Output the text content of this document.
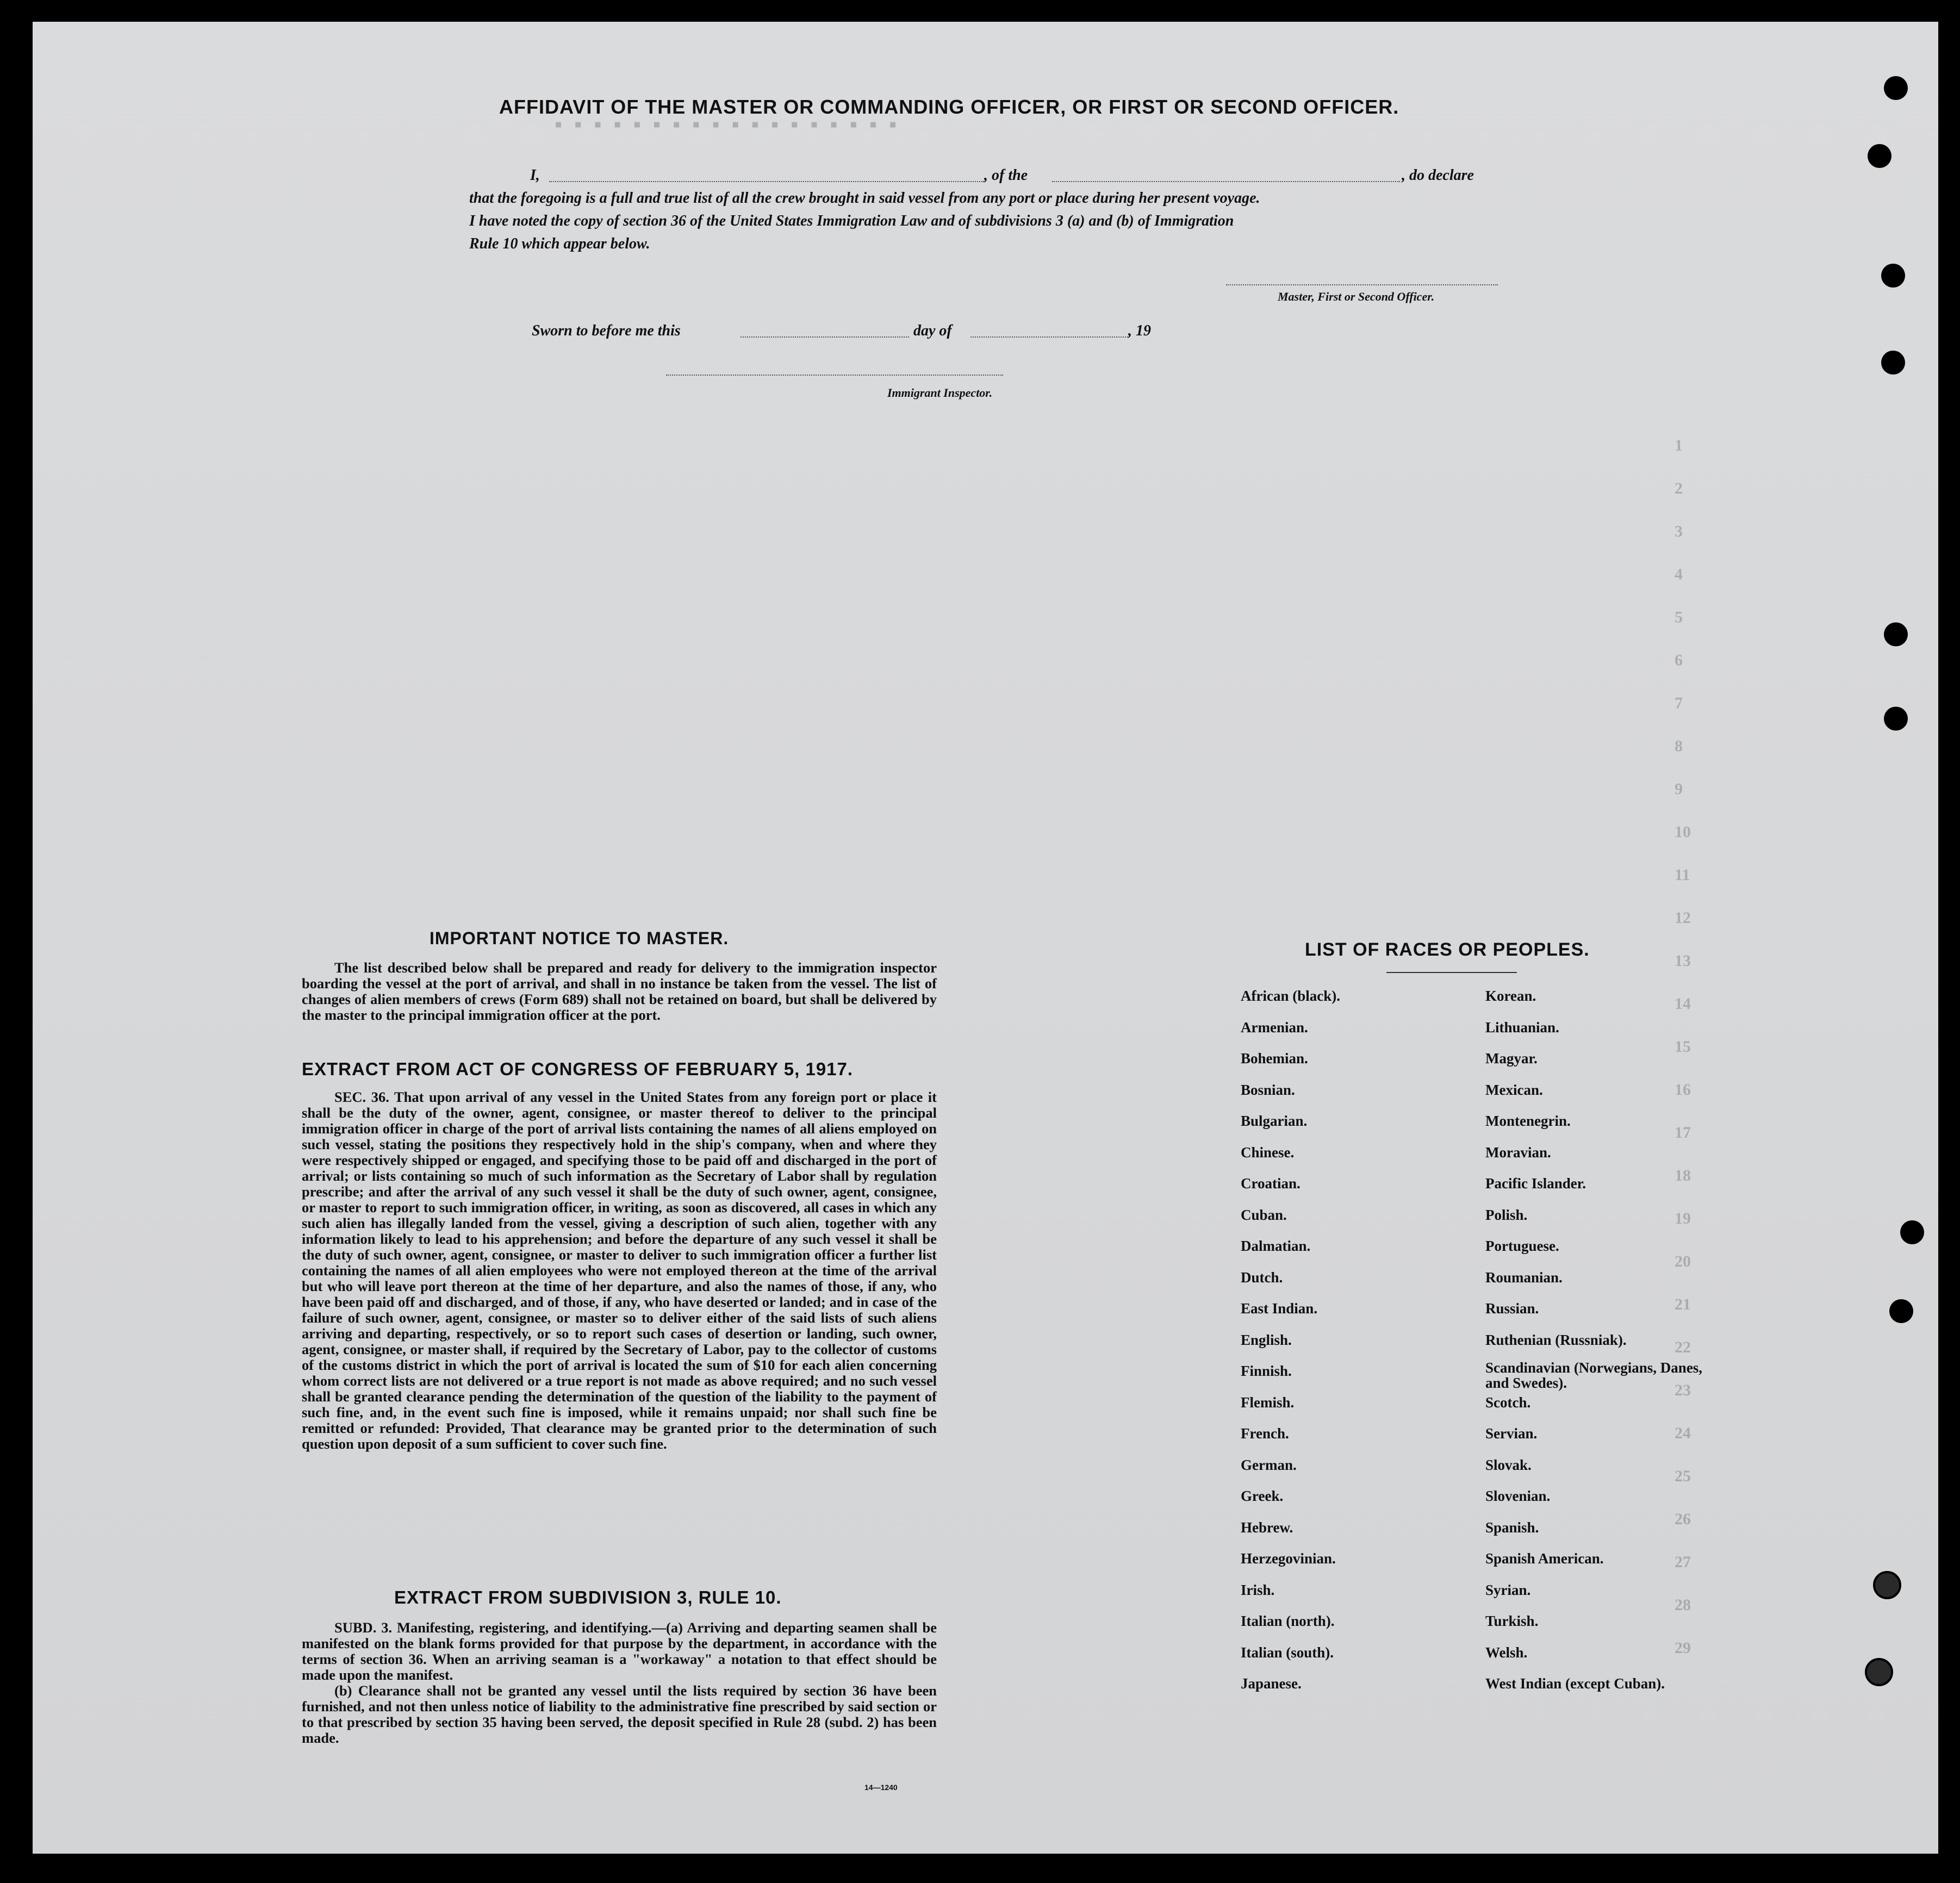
▪ ▪ ▪ ▪ ▪ ▪ ▪ ▪ ▪ ▪ ▪ ▪ ▪ ▪ ▪ ▪ ▪ ▪
1
2
3
4
5
6
7
8
9
10
11
12
13
14
15
16
17
18
19
20
21
22
23
24
25
26
27
28
29
AFFIDAVIT OF THE MASTER OR COMMANDING OFFICER, OR FIRST OR SECOND OFFICER.
I,	, of the	, do declare
that the foregoing is a full and true list of all the crew brought in said vessel from any port or place during her present voyage.
I have noted the copy of section 36 of the United States Immigration Law and of subdivisions 3 (a) and (b) of Immigration
Rule 10 which appear below.
Master, First or Second Officer.
Sworn to before me this	day of	, 19
Immigrant Inspector.
IMPORTANT NOTICE TO MASTER.

The list described below shall be prepared and ready for delivery to the immigration inspector boarding the vessel at the port of arrival, and shall in no instance be taken from the vessel. The list of changes of alien members of crews (Form 689) shall not be retained on board, but shall be delivered by the master to the principal immigration officer at the port.

EXTRACT FROM ACT OF CONGRESS OF FEBRUARY 5, 1917.

SEC. 36. That upon arrival of any vessel in the United States from any foreign port or place it shall be the duty of the owner, agent, consignee, or master thereof to deliver to the principal immigration officer in charge of the port of arrival lists containing the names of all aliens employed on such vessel, stating the positions they respectively hold in the ship's company, when and where they were respectively shipped or engaged, and specifying those to be paid off and discharged in the port of arrival; or lists containing so much of such information as the Secretary of Labor shall by regulation prescribe; and after the arrival of any such vessel it shall be the duty of such owner, agent, consignee, or master to report to such immigration officer, in writing, as soon as discovered, all cases in which any such alien has illegally landed from the vessel, giving a description of such alien, together with any information likely to lead to his apprehension; and before the departure of any such vessel it shall be the duty of such owner, agent, consignee, or master to deliver to such immigration officer a further list containing the names of all alien employees who were not employed thereon at the time of the arrival but who will leave port thereon at the time of her departure, and also the names of those, if any, who have been paid off and discharged, and of those, if any, who have deserted or landed; and in case of the failure of such owner, agent, consignee, or master so to deliver either of the said lists of such aliens arriving and departing, respectively, or so to report such cases of desertion or landing, such owner, agent, consignee, or master shall, if required by the Secretary of Labor, pay to the collector of customs of the customs district in which the port of arrival is located the sum of $10 for each alien concerning whom correct lists are not delivered or a true report is not made as above required; and no such vessel shall be granted clearance pending the determination of the question of the liability to the payment of such fine, and, in the event such fine is imposed, while it remains unpaid; nor shall such fine be remitted or refunded: Provided, That clearance may be granted prior to the determination of such question upon deposit of a sum sufficient to cover such fine.

EXTRACT FROM SUBDIVISION 3, RULE 10.

SUBD. 3. Manifesting, registering, and identifying.—(a) Arriving and departing seamen shall be manifested on the blank forms provided for that purpose by the department, in accordance with the terms of section 36. When an arriving seaman is a "workaway" a notation to that effect should be made upon the manifest.

(b) Clearance shall not be granted any vessel until the lists required by section 36 have been furnished, and not then unless notice of liability to the administrative fine prescribed by said section or to that prescribed by section 35 having been served, the deposit specified in Rule 28 (subd. 2) has been made.

14—1240
LIST OF RACES OR PEOPLES.
African (black).
Armenian.
Bohemian.
Bosnian.
Bulgarian.
Chinese.
Croatian.
Cuban.
Dalmatian.
Dutch.
East Indian.
English.
Finnish.
Flemish.
French.
German.
Greek.
Hebrew.
Herzegovinian.
Irish.
Italian (north).
Italian (south).
Japanese.
Korean.
Lithuanian.
Magyar.
Mexican.
Montenegrin.
Moravian.
Pacific Islander.
Polish.
Portuguese.
Roumanian.
Russian.
Ruthenian (Russniak).
Scandinavian (Norwegians, Danes, and Swedes).
Scotch.
Servian.
Slovak.
Slovenian.
Spanish.
Spanish American.
Syrian.
Turkish.
Welsh.
West Indian (except Cuban).
